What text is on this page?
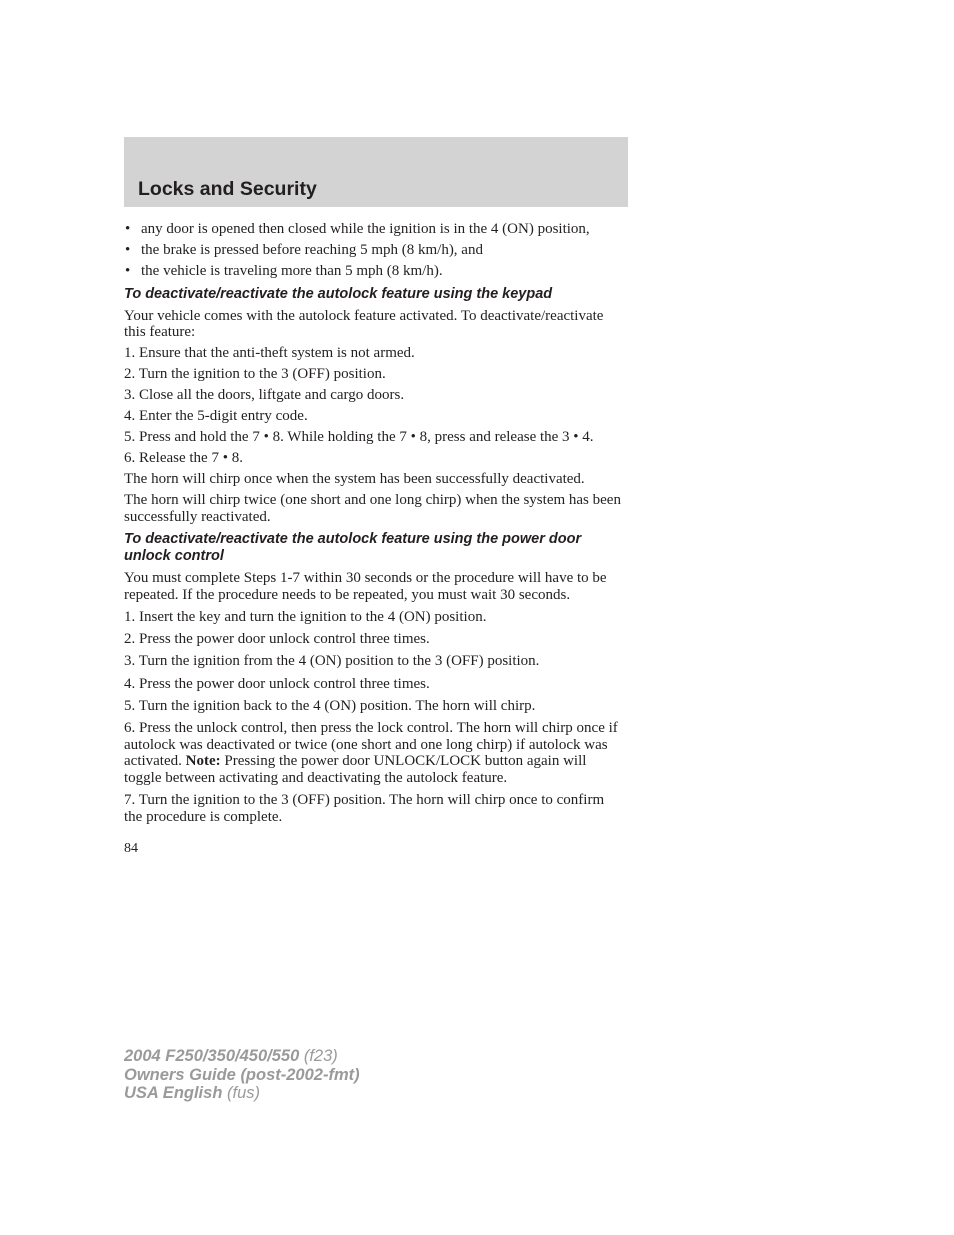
Locks and Security
• any door is opened then closed while the ignition is in the 4 (ON) position,
• the brake is pressed before reaching 5 mph (8 km/h), and
• the vehicle is traveling more than 5 mph (8 km/h).
To deactivate/reactivate the autolock feature using the keypad
Your vehicle comes with the autolock feature activated. To deactivate/reactivate this feature:
1. Ensure that the anti-theft system is not armed.
2. Turn the ignition to the 3 (OFF) position.
3. Close all the doors, liftgate and cargo doors.
4. Enter the 5-digit entry code.
5. Press and hold the 7 • 8. While holding the 7 • 8, press and release the 3 • 4.
6. Release the 7 • 8.
The horn will chirp once when the system has been successfully deactivated.
The horn will chirp twice (one short and one long chirp) when the system has been successfully reactivated.
To deactivate/reactivate the autolock feature using the power door unlock control
You must complete Steps 1-7 within 30 seconds or the procedure will have to be repeated. If the procedure needs to be repeated, you must wait 30 seconds.
1. Insert the key and turn the ignition to the 4 (ON) position.
2. Press the power door unlock control three times.
3. Turn the ignition from the 4 (ON) position to the 3 (OFF) position.
4. Press the power door unlock control three times.
5. Turn the ignition back to the 4 (ON) position. The horn will chirp.
6. Press the unlock control, then press the lock control. The horn will chirp once if autolock was deactivated or twice (one short and one long chirp) if autolock was activated. Note: Pressing the power door UNLOCK/LOCK button again will toggle between activating and deactivating the autolock feature.
7. Turn the ignition to the 3 (OFF) position. The horn will chirp once to confirm the procedure is complete.
84
2004 F250/350/450/550 (f23)
Owners Guide (post-2002-fmt)
USA English (fus)
